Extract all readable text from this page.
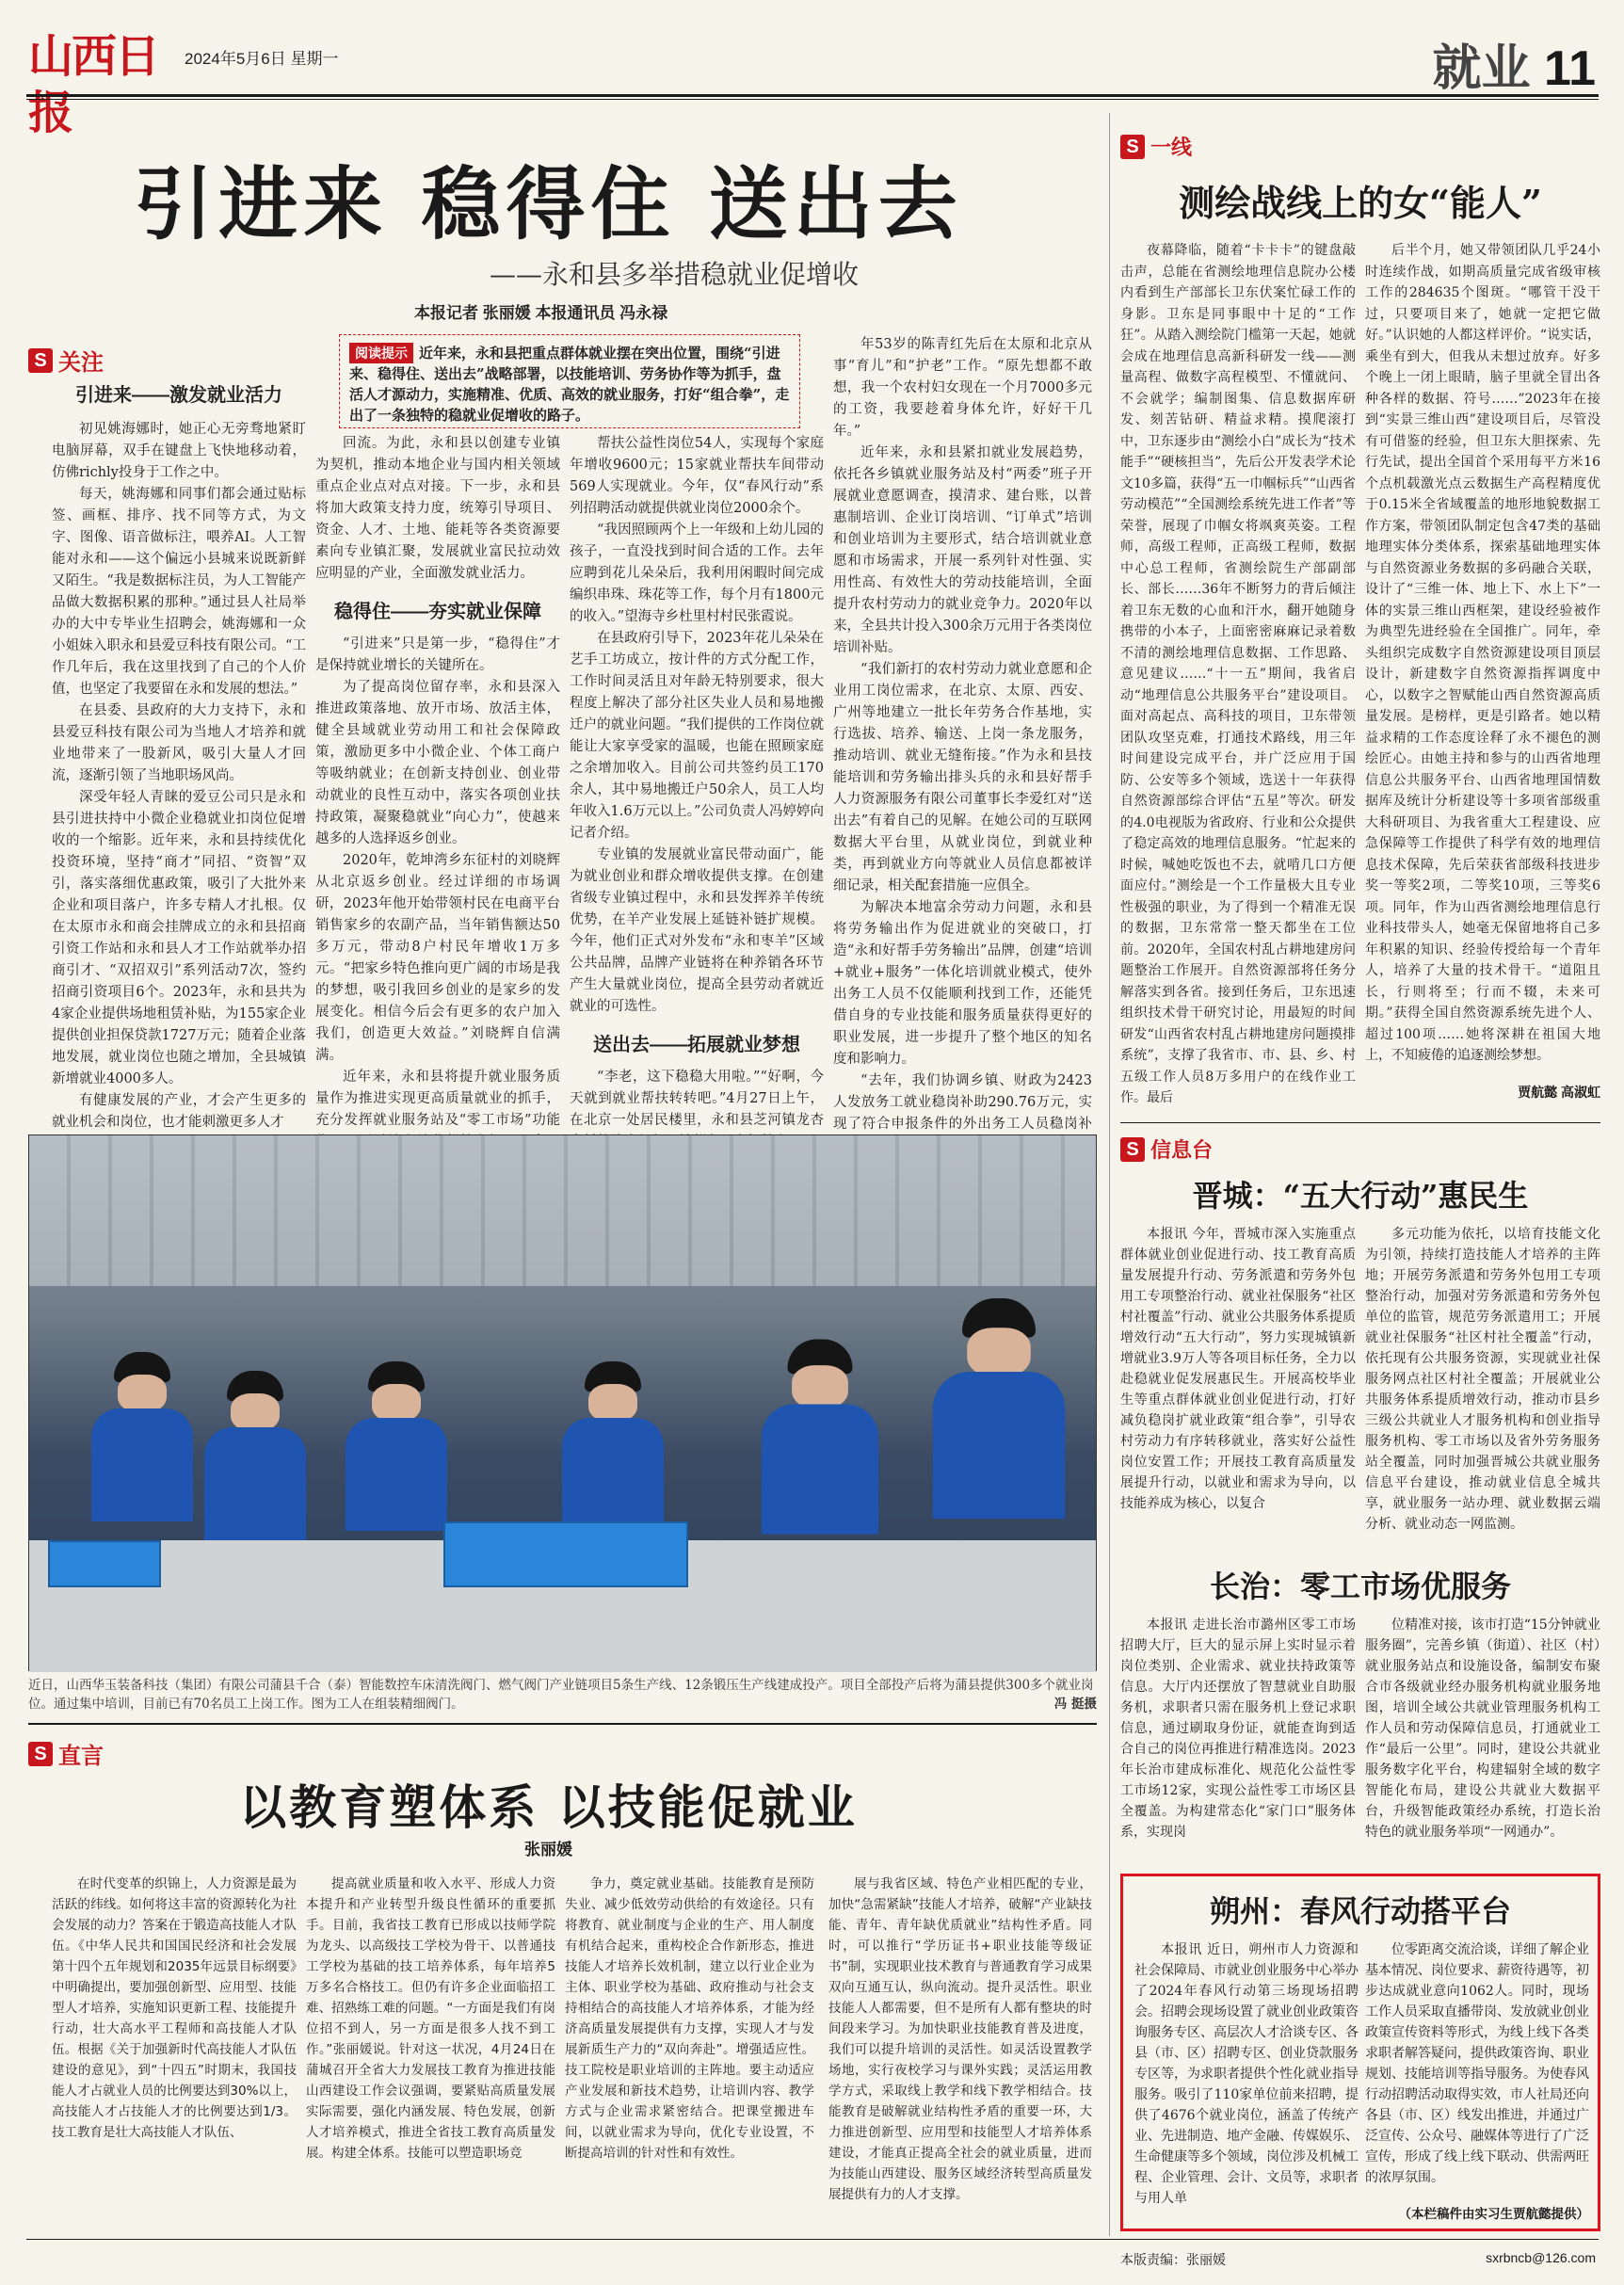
山西日报
2024年5月6日 星期一	就业 11
引进来 稳得住 送出去
——永和县多举措稳就业促增收
本报记者 张丽媛 本报通讯员 冯永禄
S 关注	阅读提示 近年来，永和县把重点群体就业摆在突出位置，围绕“引进来、稳得住、送出去”战略部署，以技能培训、劳务协作等为抓手，盘活人才源动力，实施精准、优质、高效的就业服务，打好“组合拳”，走出了一条独特的稳就业促增收的路子。
引进来——激发就业活力

初见姚海娜时，她正心无旁骛地紧盯电脑屏幕，双手在键盘上飞快地移动着，仿佛richly投身于工作之中。

每天，姚海娜和同事们都会通过贴标签、画框、排序、找不同等方式，为文字、图像、语音做标注，喂养AI。人工智能对永和——这个偏远小县城来说既新鲜又陌生。“我是数据标注员，为人工智能产品做大数据积累的那种。”通过县人社局举办的大中专毕业生招聘会，姚海娜和一众小姐妹入职永和县爱豆科技有限公司。“工作几年后，我在这里找到了自己的个人价值，也坚定了我要留在永和发展的想法。”

在县委、县政府的大力支持下，永和县爱豆科技有限公司为当地人才培养和就业地带来了一股新风，吸引大量人才回流，逐渐引领了当地职场风尚。

深受年轻人青睐的爱豆公司只是永和县引进扶持中小微企业稳就业扣岗位促增收的一个缩影。近年来，永和县持续优化投资环境，坚持“商才”同招、“资智”双引，落实落细优惠政策，吸引了大批外来企业和项目落户，许多专精人才扎根。仅在太原市永和商会挂牌成立的永和县招商引资工作站和永和县人才工作站就举办招商引才、“双招双引”系列活动7次，签约招商引资项目6个。2023年，永和县共为4家企业提供场地租赁补贴，为155家企业提供创业担保贷款1727万元；随着企业落地发展，就业岗位也随之增加，全县城镇新增就业4000多人。

有健康发展的产业，才会产生更多的就业机会和岗位，也才能刺激更多人才

回流。为此，永和县以创建专业镇为契机，推动本地企业与国内相关领域重点企业点对点对接。下一步，永和县将加大政策支持力度，统筹引导项目、资金、人才、土地、能耗等各类资源要素向专业镇汇聚，发展就业富民拉动效应明显的产业，全面激发就业活力。

稳得住——夯实就业保障

“引进来”只是第一步，“稳得住”才是保持就业增长的关键所在。

为了提高岗位留存率，永和县深入推进政策落地、放开市场、放活主体，健全县域就业劳动用工和社会保障政策，激励更多中小微企业、个体工商户等吸纳就业；在创新支持创业、创业带动就业的良性互动中，落实各项创业扶持政策，凝聚稳就业“向心力”，使越来越多的人选择返乡创业。

2020年，乾坤湾乡东征村的刘晓辉从北京返乡创业。经过详细的市场调研，2023年他开始带领村民在电商平台销售家乡的农副产品，当年销售额达50多万元，带动8户村民年增收1万多元。“把家乡特色推向更广阔的市场是我的梦想，吸引我回乡创业的是家乡的发展变化。相信今后会有更多的农户加入我们，创造更大效益。”刘晓辉自信满满。

近年来，永和县将提升就业服务质量作为推进实现更高质量就业的抓手，充分发挥就业服务站及“零工市场”功能

帮扶公益性岗位54人，实现每个家庭年增收9600元；15家就业帮扶车间带动569人实现就业。今年，仅“春风行动”系列招聘活动就提供就业岗位2000余个。

“我因照顾两个上一年级和上幼儿园的孩子，一直没找到时间合适的工作。去年应聘到花儿朵朵后，我利用闲暇时间完成编织串珠、珠花等工作，每个月有1800元的收入。”望海寺乡杜里村村民张霞说。

在县政府引导下，2023年花儿朵朵在艺手工坊成立，按计件的方式分配工作，工作时间灵活且对年龄无特别要求，很大程度上解决了部分社区失业人员和易地搬迁户的就业问题。“我们提供的工作岗位就能让大家享受家的温暖，也能在照顾家庭之余增加收入。目前公司共签约员工170余人，其中易地搬迁户50余人，员工人均年收入1.6万元以上。”公司负责人冯婷婷向记者介绍。

专业镇的发展就业富民带动面广，能为就业创业和群众增收提供支撑。在创建省级专业镇过程中，永和县发挥养羊传统优势，在羊产业发展上延链补链扩规模。今年，他们正式对外发布“永和枣羊”区域公共品牌，品牌产业链将在种养销各环节产生大量就业岗位，提高全县劳动者就近就业的可选性。

送出去——拓展就业梦想

“李老，这下稳稳大用啦。”“好啊，今天就到就业帮扶转转吧。”4月27日上午，在北京一处居民楼里，永和县芝河镇龙杏

年53岁的陈青红先后在太原和北京从事“育儿”和“护老”工作。“原先想都不敢想，我一个农村妇女现在一个月7000多元的工资，我要趁着身体允许，好好干几年。”

近年来，永和县紧扣就业发展趋势，依托各乡镇就业服务站及村“两委”班子开展就业意愿调查，摸清求、建台账，以普惠制培训、企业订岗培训、“订单式”培训和创业培训为主要形式，结合培训就业意愿和市场需求，开展一系列针对性强、实用性高、有效性大的劳动技能培训，全面提升农村劳动力的就业竞争力。2020年以来，全县共计投入300余万元用于各类岗位培训补贴。

“我们新打的农村劳动力就业意愿和企业用工岗位需求，在北京、太原、西安、广州等地建立一批长年劳务合作基地，实行选拔、培养、输送、上岗一条龙服务，推动培训、就业无缝衔接。”作为永和县技能培训和劳务输出排头兵的永和县好帮手人力资源服务有限公司董事长李爱红对“送出去”有着自己的见解。在她公司的互联网数据大平台里，从就业岗位，到就业种类，再到就业方向等就业人员信息都被详细记录，相关配套措施一应俱全。

为解决本地富余劳动力问题，永和县将劳务输出作为促进就业的突破口，打造“永和好帮手劳务输出”品牌，创建“培训+就业+服务”一体化培训就业模式，使外出务工人员不仅能顺利找到工作，还能凭借自身的专业技能和服务质量获得更好的职业发展，进一步提升了整个地区的知名度和影响力。

“去年，我们协调乡镇、财政为2423人发放务工就业稳岗补助290.76万元，实现了符合申报条件的外出务工人员稳岗补

近日，山西华玉装备科技（集团）有限公司蒲县千合（泰）智能数控车床清洗阀门、燃气阀门产业链项目5条生产线、12条锻压生产线建成投产。项目全部投产后将为蒲县提供300多个就业岗位。通过集中培训，目前已有70名员工上岗工作。图为工人在组装精细阀门。	冯 挺摄
S 直言
以教育塑体系 以技能促就业
张丽媛

在时代变革的织锦上，人力资源是最为活跃的纬线。如何将这丰富的资源转化为社会发展的动力？答案在于锻造高技能人才队伍。《中华人民共和国国民经济和社会发展第十四个五年规划和2035年远景目标纲要》中明确提出，要加强创新型、应用型、技能型人才培养，实施知识更新工程、技能提升行动，壮大高水平工程师和高技能人才队伍。根据《关于加强新时代高技能人才队伍建设的意见》，到“十四五”时期末，我国技能人才占就业人员的比例要达到30%以上，高技能人才占技能人才的比例要达到1/3。技工教育是壮大高技能人才队伍、

提高就业质量和收入水平、形成人力资本提升和产业转型升级良性循环的重要抓手。目前，我省技工教育已形成以技师学院为龙头、以高级技工学校为骨干、以普通技工学校为基础的技工培养体系，每年培养5万多名合格技工。但仍有许多企业面临招工难、招熟练工难的问题。“一方面是我们有岗位招不到人，另一方面是很多人找不到工作。”张丽媛说。针对这一状况，4月24日在蒲城召开全省大力发展技工教育为推进技能山西建设工作会议强调，要紧贴高质量发展实际需要，强化内涵发展、特色发展，创新人才培养模式，推进全省技工教育高质量发展。构建全体系。技能可以塑造职场竞

争力，奠定就业基础。技能教育是预防失业、减少低效劳动供给的有效途径。只有将教育、就业制度与企业的生产、用人制度有机结合起来，重构校企合作新形态，推进技能人才培养长效机制，建立以行业企业为主体、职业学校为基础、政府推动与社会支持相结合的高技能人才培养体系，才能为经济高质量发展提供有力支撑，实现人才与发展新质生产力的“双向奔赴”。增强适应性。技工院校是职业培训的主阵地。要主动适应产业发展和新技术趋势，让培训内容、教学方式与企业需求紧密结合。把课堂搬进车间，以就业需求为导向，优化专业设置，不断提高培训的针对性和有效性。

展与我省区域、特色产业相匹配的专业，加快“急需紧缺”技能人才培养，破解“产业缺技能、青年、青年缺优质就业”结构性矛盾。同时，可以推行“学历证书+职业技能等级证书”制，实现职业技术教育与普通教育学习成果双向互通互认，纵向流动。提升灵活性。职业技能人人都需要，但不是所有人都有整块的时间段来学习。为加快职业技能教育普及进度，我们可以提升培训的灵活性。如灵活设置教学场地，实行夜校学习与课外实践；灵活运用教学方式，采取线上教学和线下教学相结合。技能教育是破解就业结构性矛盾的重要一环，大力推进创新型、应用型和技能型人才培养体系建设，才能真正提高全社会的就业质量，进而为技能山西建设、服务区域经济转型高质量发展提供有力的人才支撑。

S 一线
测绘战线上的女“能人”

夜幕降临，随着“卡卡卡”的键盘敲击声，总能在省测绘地理信息院办公楼内看到生产部部长卫东伏案忙碌工作的身影。卫东是同事眼中十足的“工作狂”。从踏入测绘院门槛第一天起，她就会成在地理信息高新科研发一线——测量高程、做数字高程模型、不懂就问、不会就学；编制图集、信息数据库研发、刻苦钻研、精益求精。摸爬滚打中，卫东逐步由“测绘小白”成长为“技术能手”“硬核担当”，先后公开发表学术论文10多篇，获得“五一巾帼标兵”“山西省劳动模范”“全国测绘系统先进工作者”等荣誉，展现了巾帼女将飒爽英姿。工程师，高级工程师，正高级工程师，数据中心总工程师，省测绘院生产部副部长、部长……36年不断努力的背后倾注着卫东无数的心血和汗水，翻开她随身携带的小本子，上面密密麻麻记录着数不清的测绘地理信息数据、工作思路、意见建议……“十一五”期间，我省启动“地理信息公共服务平台”建设项目。面对高起点、高科技的项目，卫东带领团队攻坚克难，打通技术路线，用三年时间建设完成平台，并广泛应用于国防、公安等多个领域，选送十一年获得自然资源部综合评估“五星”等次。研发的4.0电视版为省政府、行业和公众提供了稳定高效的地理信息服务。“忙起来的时候，喊她吃饭也不去，就啃几口方便面应付。”测绘是一个工作量极大且专业性极强的职业，为了得到一个精准无误的数据，卫东常常一整天都坐在工位前。2020年，全国农村乱占耕地建房问题整治工作展开。自然资源部将任务分解落实到各省。接到任务后，卫东迅速组织技术骨干研究讨论，用最短的时间研发“山西省农村乱占耕地建房问题摸排系统”，支撑了我省市、市、县、乡、村五级工作人员8万多用户的在线作业工作。最后

后半个月，她又带领团队几乎24小时连续作战，如期高质量完成省级审核工作的284635个图斑。“哪管干没干过，只要项目来了，她就一定把它做好。”认识她的人都这样评价。“说实话，乘坐有到大，但我从未想过放弃。好多个晚上一闭上眼睛，脑子里就全冒出各种各样的数据、符号……”2023年在接到“实景三维山西”建设项目后，尽管没有可借鉴的经验，但卫东大胆探索、先行先试，提出全国首个采用每平方米16个点机载激光点云数据生产高程精度优于0.15米全省域覆盖的地形地貌数据工作方案，带领团队制定包含47类的基础地理实体分类体系，探索基础地理实体与自然资源业务数据的多码融合关联，设计了“三维一体、地上下、水上下”一体的实景三维山西框架，建设经验被作为典型先进经验在全国推广。同年，牵头组织完成数字自然资源建设项目顶层设计，新建数字自然资源指挥调度中心，以数字之智赋能山西自然资源高质量发展。是榜样，更是引路者。她以精益求精的工作态度诠释了永不褪色的测绘匠心。由她主持和参与的山西省地理信息公共服务平台、山西省地理国情数据库及统计分析建设等十多项省部级重大科研项目、为我省重大工程建设、应急保障等工作提供了科学有效的地理信息技术保障，先后荣获省部级科技进步奖一等奖2项，二等奖10项，三等奖6项。同年，作为山西省测绘地理信息行业科技带头人，她毫无保留地将自己多年积累的知识、经验传授给每一个青年人，培养了大量的技术骨干。“道阻且长，行则将至；行而不辍，未来可期。”获得全国自然资源系统先进个人、超过100项……她将深耕在祖国大地上，不知疲倦的追逐测绘梦想。

贾航懿 高淑虹
S 信息台
晋城：“五大行动”惠民生

本报讯 今年，晋城市深入实施重点群体就业创业促进行动、技工教育高质量发展提升行动、劳务派遣和劳务外包用工专项整治行动、就业社保服务“社区村社覆盖”行动、就业公共服务体系提质增效行动“五大行动”，努力实现城镇新增就业3.9万人等各项目标任务，全力以赴稳就业促发展惠民生。开展高校毕业生等重点群体就业创业促进行动，打好减负稳岗扩就业政策“组合拳”，引导农村劳动力有序转移就业，落实好公益性岗位安置工作；开展技工教育高质量发展提升行动，以就业和需求为导向，以技能养成为核心，以复合

多元功能为依托，以培育技能文化为引领，持续打造技能人才培养的主阵地；开展劳务派遣和劳务外包用工专项整治行动，加强对劳务派遣和劳务外包单位的监管，规范劳务派遣用工；开展就业社保服务“社区村社全覆盖”行动，依托现有公共服务资源，实现就业社保服务网点社区村社全覆盖；开展就业公共服务体系提质增效行动，推动市县乡三级公共就业人才服务机构和创业指导服务机构、零工市场以及省外劳务服务站全覆盖，同时加强晋城公共就业服务信息平台建设，推动就业信息全城共享，就业服务一站办理、就业数据云端分析、就业动态一网监测。

长治：零工市场优服务

本报讯 走进长治市潞州区零工市场招聘大厅，巨大的显示屏上实时显示着岗位类别、企业需求、就业扶持政策等信息。大厅内还摆放了智慧就业自助服务机，求职者只需在服务机上登记求职信息，通过刷取身份证，就能查询到适合自己的岗位再推进行精准选岗。2023年长治市建成标准化、规范化公益性零工市场12家，实现公益性零工市场区县全覆盖。为构建常态化“家门口”服务体系，实现岗

位精准对接，该市打造“15分钟就业服务圈”，完善乡镇（街道）、社区（村）就业服务站点和设施设备，编制安布聚合市各级就业经办服务机构就业服务地图，培训全域公共就业管理服务机构工作人员和劳动保障信息员，打通就业工作“最后一公里”。同时，建设公共就业服务数字化平台，构建辐射全域的数字智能化布局，建设公共就业大数据平台，升级智能政策经办系统，打造长治特色的就业服务举项“一网通办”。

朔州：春风行动搭平台

本报讯 近日，朔州市人力资源和社会保障局、市就业创业服务中心举办了2024年春风行动第三场现场招聘会。招聘会现场设置了就业创业政策咨询服务专区、高层次人才洽谈专区、各县（市、区）招聘专区、创业贷款服务专区等，为求职者提供个性化就业指导服务。吸引了110家单位前来招聘，提供了4676个就业岗位，涵盖了传统产业、先进制造、地产金融、传媒娱乐、生命健康等多个领域，岗位涉及机械工程、企业管理、会计、文员等，求职者与用人单

位零距离交流洽谈，详细了解企业基本情况、岗位要求、薪资待遇等，初步达成就业意向1062人。同时，现场工作人员采取直播带岗、发放就业创业政策宣传资料等形式，为线上线下各类求职者解答疑问，提供政策咨询、职业规划、技能培训等指导服务。为使春风行动招聘活动取得实效，市人社局还向各县（市、区）线发出推进，并通过广泛宣传、公众号、融媒体等进行了广泛宣传，形成了线上线下联动、供需两旺的浓厚氛围。

（本栏稿件由实习生贾航懿提供）
本版责编：张丽媛	sxrbncb@126.com
